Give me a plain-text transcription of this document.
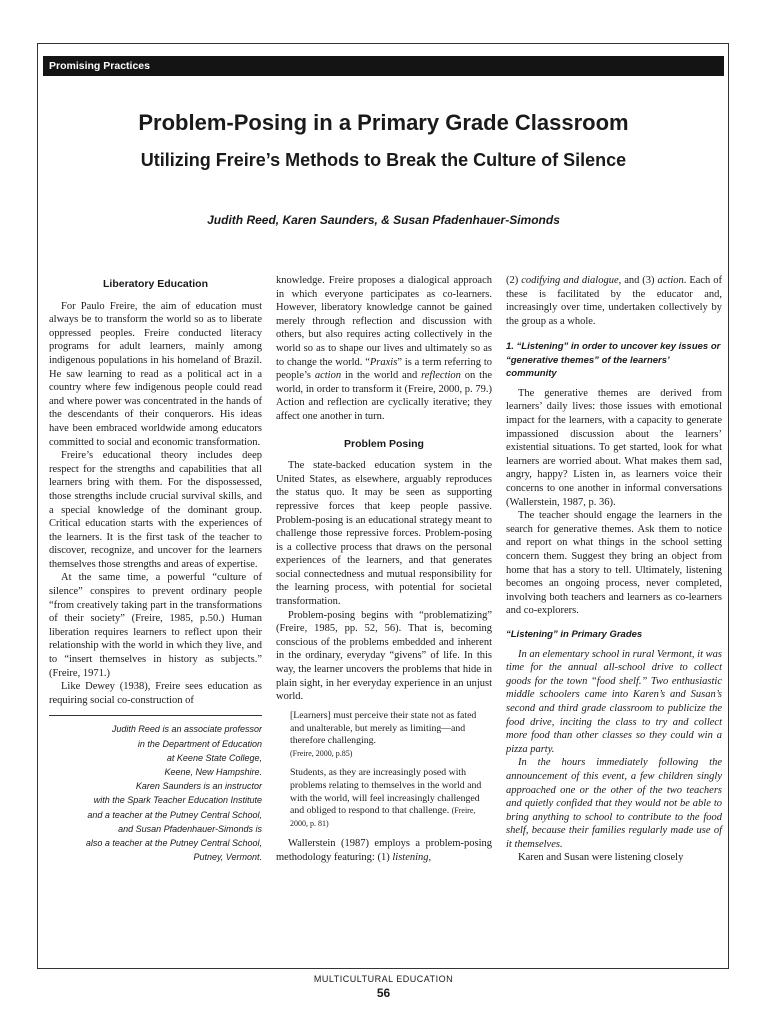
Promising Practices
Problem-Posing in a Primary Grade Classroom
Utilizing Freire’s Methods to Break the Culture of Silence
Judith Reed, Karen Saunders, & Susan Pfadenhauer-Simonds
Liberatory Education

For Paulo Freire, the aim of education must always be to transform the world so as to liberate oppressed peoples. Freire conducted literacy programs for adult learners, mainly among indigenous populations in his homeland of Brazil. He saw learning to read as a political act in a country where few indigenous people could read and where power was concentrated in the hands of the descendants of their conquerors. His ideas have been embraced worldwide among educators committed to social and economic transformation.

Freire’s educational theory includes deep respect for the strengths and capabilities that all learners bring with them. For the dispossessed, those strengths include crucial survival skills, and a special knowledge of the dominant group. Critical education starts with the experiences of the learners. It is the first task of the teacher to discover, recognize, and uncover for the learners themselves those strengths and areas of expertise.

At the same time, a powerful “culture of silence” conspires to prevent ordinary people “from creatively taking part in the transformations of their society” (Freire, 1985, p.50.) Human liberation requires learners to reflect upon their relationship with the world in which they live, and to “insert themselves in history as subjects.” (Freire, 1971.)

Like Dewey (1938), Freire sees education as requiring social co-construction of

Judith Reed is an associate professor
in the Department of Education
at Keene State College,
Keene, New Hampshire.
Karen Saunders is an instructor
with the Spark Teacher Education Institute
and a teacher at the Putney Central School,
and Susan Pfadenhauer-Simonds is
also a teacher at the Putney Central School,
Putney, Vermont.

knowledge. Freire proposes a dialogical approach in which everyone participates as co-learners. However, liberatory knowledge cannot be gained merely through reflection and discussion with others, but also requires acting collectively in the world so as to shape our lives and ultimately so as to change the world. “Praxis” is a term referring to people’s action in the world and reflection on the world, in order to transform it (Freire, 2000, p. 79.) Action and reflection are cyclically iterative; they affect one another in turn.

Problem Posing

The state-backed education system in the United States, as elsewhere, arguably reproduces the status quo. It may be seen as supporting repressive forces that keep people passive. Problem-posing is an educational strategy meant to challenge those repressive forces. Problem-posing is a collective process that draws on the personal experiences of the learners, and that generates social connectedness and mutual responsibility for the learning process, with potential for societal transformation.

Problem-posing begins with “problematizing” (Freire, 1985, pp. 52, 56). That is, becoming conscious of the problems embedded and inherent in the ordinary, everyday “givens” of life. In this way, the learner uncovers the problems that hide in plain sight, in her everyday experience in an unjust world.

[Learners] must perceive their state not as fated and unalterable, but merely as limiting—and therefore challenging.
(Freire, 2000, p.85)
Students, as they are increasingly posed with problems relating to themselves in the world and with the world, will feel increasingly challenged and obliged to respond to that challenge. (Freire, 2000, p. 81)

Wallerstein (1987) employs a problem-posing methodology featuring: (1) listening,

(2) codifying and dialogue, and (3) action. Each of these is facilitated by the educator and, increasingly over time, undertaken collectively by the group as a whole.

1. “Listening” in order to uncover key issues or “generative themes” of the learners’ community

The generative themes are derived from learners’ daily lives: those issues with emotional impact for the learners, with a capacity to generate impassioned discussion about the learners’ existential situations. To get started, look for what learners are worried about. What makes them sad, angry, happy? Listen in, as learners voice their concerns to one another in informal conversations (Wallerstein, 1987, p. 36).

The teacher should engage the learners in the search for generative themes. Ask them to notice and report on what things in the school setting concern them. Suggest they bring an object from home that has a story to tell. Ultimately, listening becomes an ongoing process, never completed, involving both teachers and learners as co-learners and co-explorers.

“Listening” in Primary Grades

In an elementary school in rural Vermont, it was time for the annual all-school drive to collect goods for the town “food shelf.” Two enthusiastic middle schoolers came into Karen’s and Susan’s second and third grade classroom to publicize the food drive, inciting the class to try and collect more food than other classes so they could win a pizza party.

In the hours immediately following the announcement of this event, a few children singly approached one or the other of the two teachers and quietly confided that they would not be able to bring anything to school to contribute to the food shelf, because their families regularly made use of it themselves.

Karen and Susan were listening closely

MULTICULTURAL EDUCATION
56
